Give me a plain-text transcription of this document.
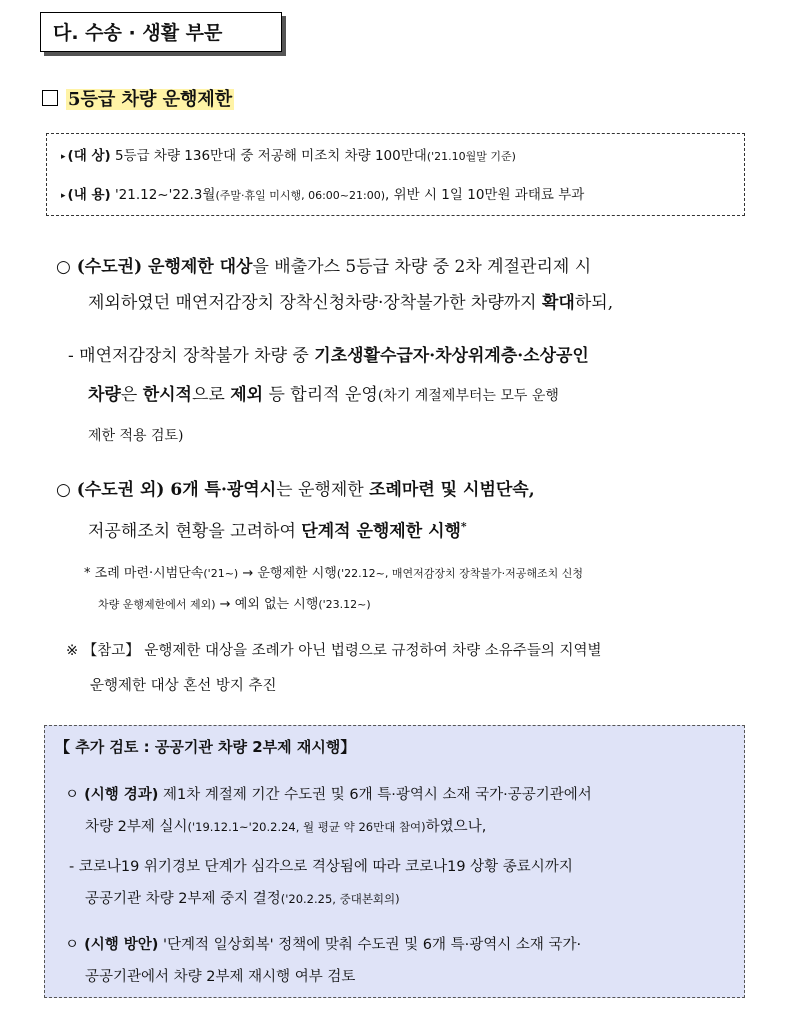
다. 수송 · 생활 부문
5등급 차량 운행제한
▸ (대 상) 5등급 차량 136만대 중 저공해 미조치 차량 100만대('21.10월말 기준)
▸ (내 용) '21.12~'22.3월(주말·휴일 미시행, 06:00~21:00), 위반 시 1일 10만원 과태료 부과
○ (수도권) 운행제한 대상을 배출가스 5등급 차량 중 2차 계절관리제 시
제외하였던 매연저감장치 장착신청차량·장착불가한 차량까지 확대하되,
- 매연저감장치 장착불가 차량 중 기초생활수급자·차상위계층·소상공인
차량은 한시적으로 제외 등 합리적 운영(차기 계절제부터는 모두 운행
제한 적용 검토)
○ (수도권 외) 6개 특·광역시는 운행제한 조례마련 및 시범단속,
저공해조치 현황을 고려하여 단계적 운행제한 시행*
* 조례 마련·시범단속('21~) → 운행제한 시행('22.12~, 매연저감장치 장착불가·저공해조치 신청
차량 운행제한에서 제외) → 예외 없는 시행('23.12~)
※ 【참고】 운행제한 대상을 조례가 아닌 법령으로 규정하여 차량 소유주들의 지역별
운행제한 대상 혼선 방지 추진
【 추가 검토 : 공공기관 차량 2부제 재시행】
ㅇ (시행 경과) 제1차 계절제 기간 수도권 및 6개 특·광역시 소재 국가·공공기관에서
차량 2부제 실시('19.12.1~'20.2.24, 월 평균 약 26만대 참여)하였으나,
- 코로나19 위기경보 단계가 심각으로 격상됨에 따라 코로나19 상황 종료시까지
공공기관 차량 2부제 중지 결정('20.2.25, 중대본회의)
ㅇ (시행 방안) '단계적 일상회복' 정책에 맞춰 수도권 및 6개 특·광역시 소재 국가·
공공기관에서 차량 2부제 재시행 여부 검토
